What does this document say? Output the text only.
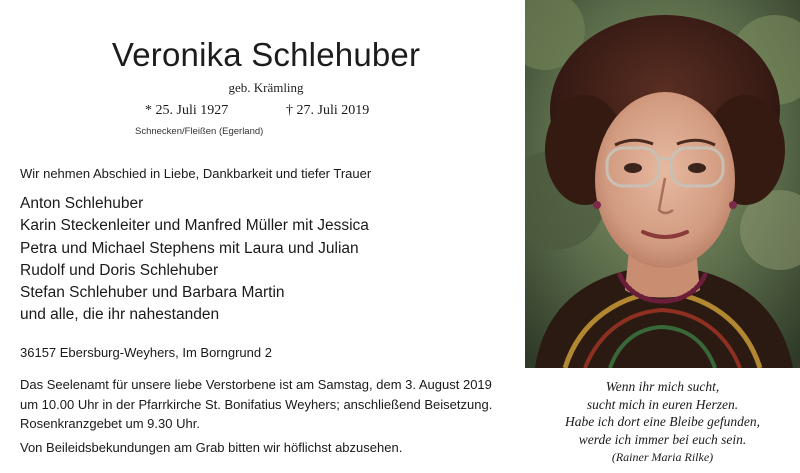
Veronika Schlehuber
geb. Krämling
* 25. Juli 1927	† 27. Juli 2019
Schnecken/Fleißen (Egerland)
Wir nehmen Abschied in Liebe, Dankbarkeit und tiefer Trauer
Anton Schlehuber
Karin Steckenleiter und Manfred Müller mit Jessica
Petra und Michael Stephens mit Laura und Julian
Rudolf und Doris Schlehuber
Stefan Schlehuber und Barbara Martin
und alle, die ihr nahestanden
36157 Ebersburg-Weyhers, Im Borngrund 2
Das Seelenamt für unsere liebe Verstorbene ist am Samstag, dem 3. August 2019
um 10.00 Uhr in der Pfarrkirche St. Bonifatius Weyhers; anschließend Beisetzung.
Rosenkranzgebet um 9.30 Uhr.
Von Beileidsbekundungen am Grab bitten wir höflichst abzusehen.
Wenn ihr mich sucht,
sucht mich in euren Herzen.
Habe ich dort eine Bleibe gefunden,
werde ich immer bei euch sein.
(Rainer Maria Rilke)
